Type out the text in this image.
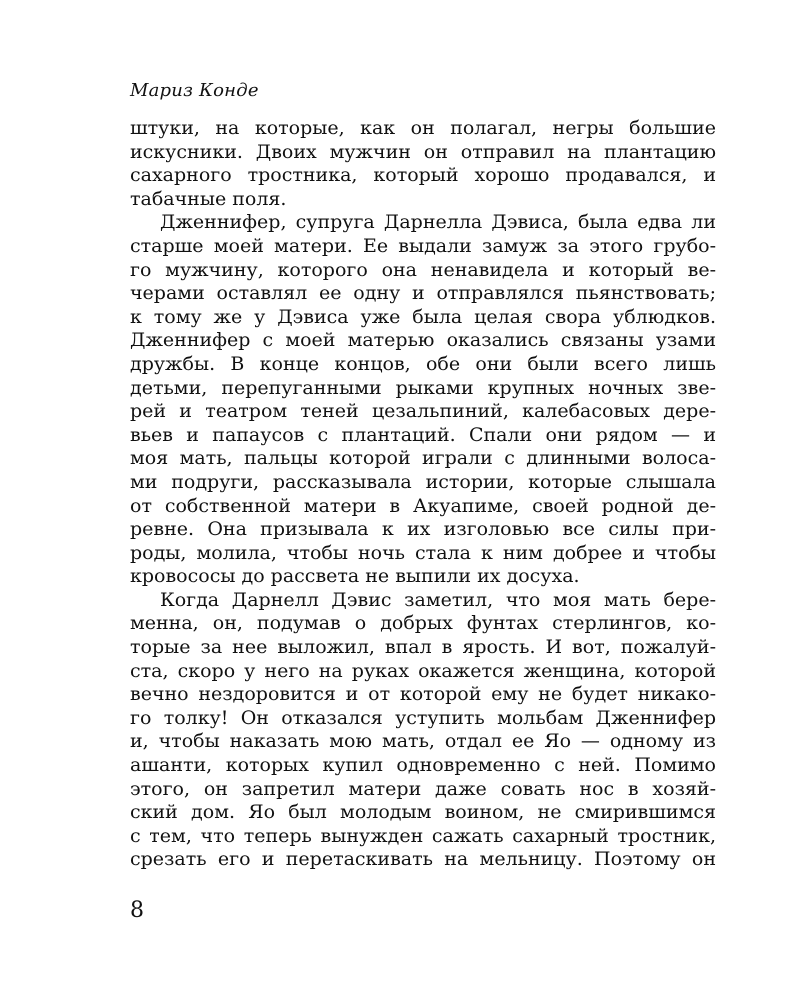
Мариз Конде
штуки, на которые, как он полагал, негры большие
искусники. Двоих мужчин он отправил на плантацию
сахарного тростника, который хорошо продавался, и
табачные поля.
Дженнифер, супруга Дарнелла Дэвиса, была едва ли
старше моей матери. Ее выдали замуж за этого грубо-
го мужчину, которого она ненавидела и который ве-
черами оставлял ее одну и отправлялся пьянствовать;
к тому же у Дэвиса уже была целая свора ублюдков.
Дженнифер с моей матерью оказались связаны узами
дружбы. В конце концов, обе они были всего лишь
детьми, перепуганными рыками крупных ночных зве-
рей и театром теней цезальпиний, калебасовых дере-
вьев и папаусов с плантаций. Спали они рядом — и
моя мать, пальцы которой играли с длинными волоса-
ми подруги, рассказывала истории, которые слышала
от собственной матери в Акуапиме, своей родной де-
ревне. Она призывала к их изголовью все силы при-
роды, молила, чтобы ночь стала к ним добрее и чтобы
кровососы до рассвета не выпили их досуха.
Когда Дарнелл Дэвис заметил, что моя мать бере-
менна, он, подумав о добрых фунтах стерлингов, ко-
торые за нее выложил, впал в ярость. И вот, пожалуй-
ста, скоро у него на руках окажется женщина, которой
вечно нездоровится и от которой ему не будет никако-
го толку! Он отказался уступить мольбам Дженнифер
и, чтобы наказать мою мать, отдал ее Яо — одному из
ашанти, которых купил одновременно с ней. Помимо
этого, он запретил матери даже совать нос в хозяй-
ский дом. Яо был молодым воином, не смирившимся
с тем, что теперь вынужден сажать сахарный тростник,
срезать его и перетаскивать на мельницу. Поэтому он
8
